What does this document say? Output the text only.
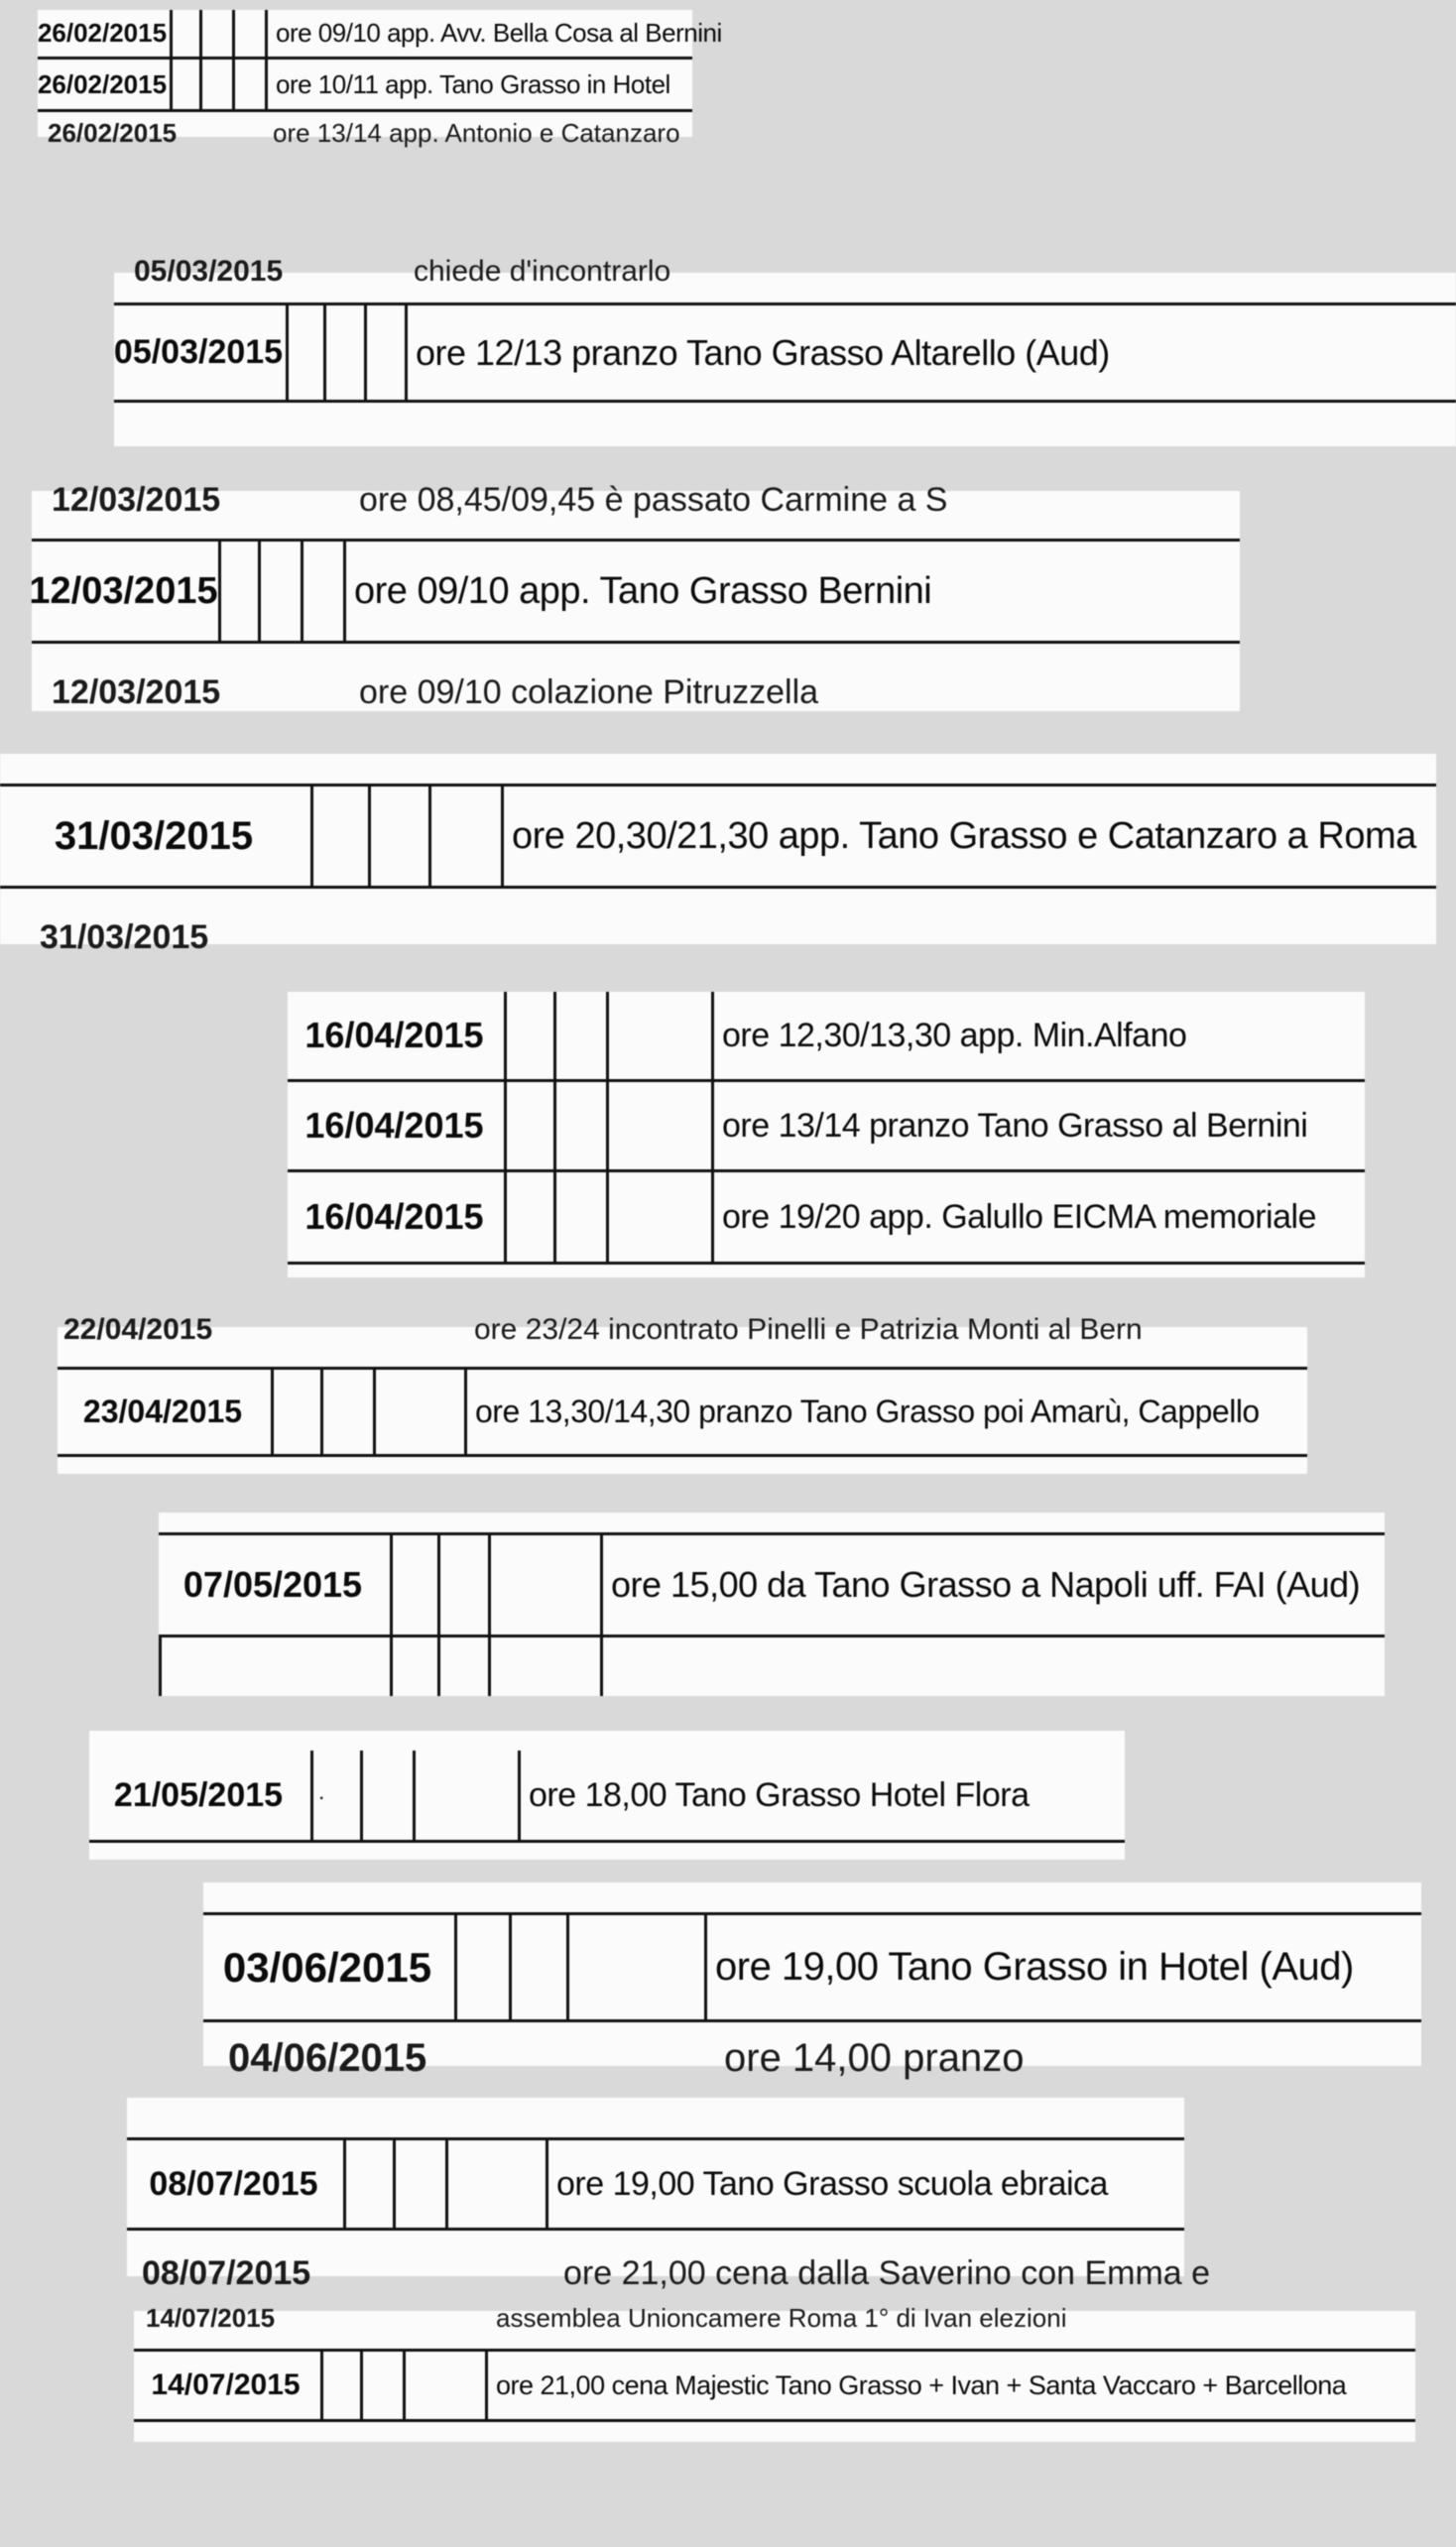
26/02/2015	ore 09/10 app. Avv. Bella Cosa al Bernini
26/02/2015	ore 10/11 app. Tano Grasso in Hotel
26/02/2015	ore 13/14 app. Antonio e Catanzaro
05/03/2015	chiede d'incontrarlo
05/03/2015	ore 12/13 pranzo Tano Grasso Altarello (Aud)
12/03/2015	ore 08,45/09,45 è passato Carmine a S
12/03/2015	ore 09/10 app. Tano Grasso Bernini
12/03/2015	ore 09/10 colazione Pitruzzella
31/03/2015	ore 20,30/21,30 app. Tano Grasso e Catanzaro a Roma
31/03/2015
16/04/2015	ore 12,30/13,30 app. Min.Alfano
16/04/2015	ore 13/14 pranzo Tano Grasso al Bernini
16/04/2015	ore 19/20 app. Galullo EICMA memoriale
22/04/2015	ore 23/24 incontrato Pinelli e Patrizia Monti al Bern
23/04/2015	ore 13,30/14,30 pranzo Tano Grasso poi Amarù, Cappello
07/05/2015	ore 15,00 da Tano Grasso a Napoli uff. FAI (Aud)
21/05/2015	.	ore 18,00 Tano Grasso Hotel Flora
03/06/2015	ore 19,00 Tano Grasso in Hotel (Aud)
04/06/2015	ore 14,00 pranzo
08/07/2015	ore 19,00 Tano Grasso scuola ebraica
08/07/2015	ore 21,00 cena dalla Saverino con Emma e
14/07/2015	assemblea Unioncamere Roma 1° di Ivan elezioni
14/07/2015	ore 21,00 cena Majestic Tano Grasso + Ivan + Santa Vaccaro + Barcellona
